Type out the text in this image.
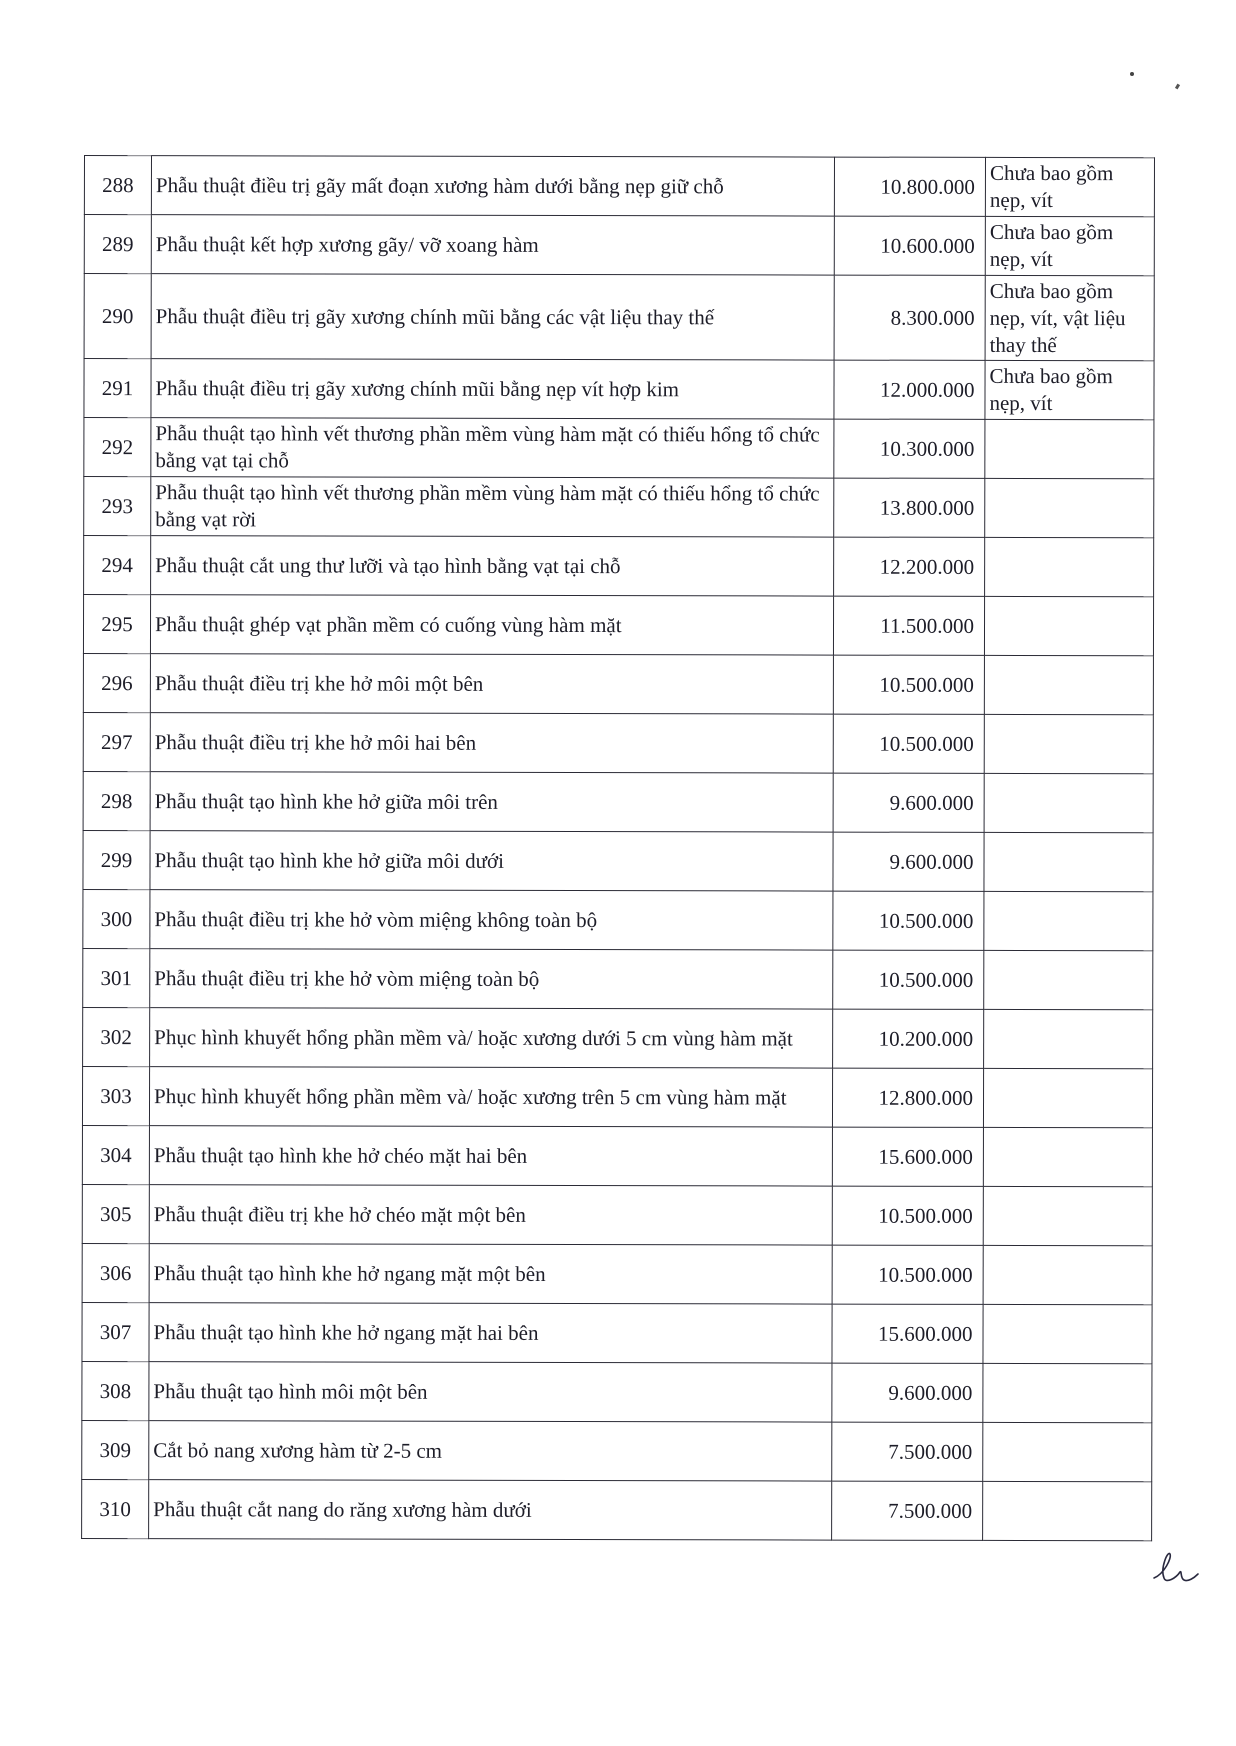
288	Phẫu thuật điều trị gãy mất đoạn xương hàm dưới bằng nẹp giữ chỗ	10.800.000	Chưa bao gồm nẹp, vít
289	Phẫu thuật kết hợp xương gãy/ vỡ xoang hàm	10.600.000	Chưa bao gồm nẹp, vít
290	Phẫu thuật điều trị gãy xương chính mũi bằng các vật liệu thay thế	8.300.000	Chưa bao gồm nẹp, vít, vật liệu thay thế
291	Phẫu thuật điều trị gãy xương chính mũi bằng nẹp vít hợp kim	12.000.000	Chưa bao gồm nẹp, vít
292	Phẫu thuật tạo hình vết thương phần mềm vùng hàm mặt có thiếu hổng tổ chức bằng vạt tại chỗ	10.300.000	
293	Phẫu thuật tạo hình vết thương phần mềm vùng hàm mặt có thiếu hổng tổ chức bằng vạt rời	13.800.000	
294	Phẫu thuật cắt ung thư lưỡi và tạo hình bằng vạt tại chỗ	12.200.000	
295	Phẫu thuật ghép vạt phần mềm có cuống vùng hàm mặt	11.500.000	
296	Phẫu thuật điều trị khe hở môi một bên	10.500.000	
297	Phẫu thuật điều trị khe hở môi hai bên	10.500.000	
298	Phẫu thuật tạo hình khe hở giữa môi trên	9.600.000	
299	Phẫu thuật tạo hình khe hở giữa môi dưới	9.600.000	
300	Phẫu thuật điều trị khe hở vòm miệng không toàn bộ	10.500.000	
301	Phẫu thuật điều trị khe hở vòm miệng toàn bộ	10.500.000	
302	Phục hình khuyết hổng phần mềm và/ hoặc xương dưới 5 cm vùng hàm mặt	10.200.000	
303	Phục hình khuyết hổng phần mềm và/ hoặc xương trên 5 cm vùng hàm mặt	12.800.000	
304	Phẫu thuật tạo hình khe hở chéo mặt hai bên	15.600.000	
305	Phẫu thuật điều trị khe hở chéo mặt một bên	10.500.000	
306	Phẫu thuật tạo hình khe hở ngang mặt một bên	10.500.000	
307	Phẫu thuật tạo hình khe hở ngang mặt hai bên	15.600.000	
308	Phẫu thuật tạo hình môi một bên	9.600.000	
309	Cắt bỏ nang xương hàm từ 2-5 cm	7.500.000	
310	Phẫu thuật cắt nang do răng xương hàm dưới	7.500.000	
